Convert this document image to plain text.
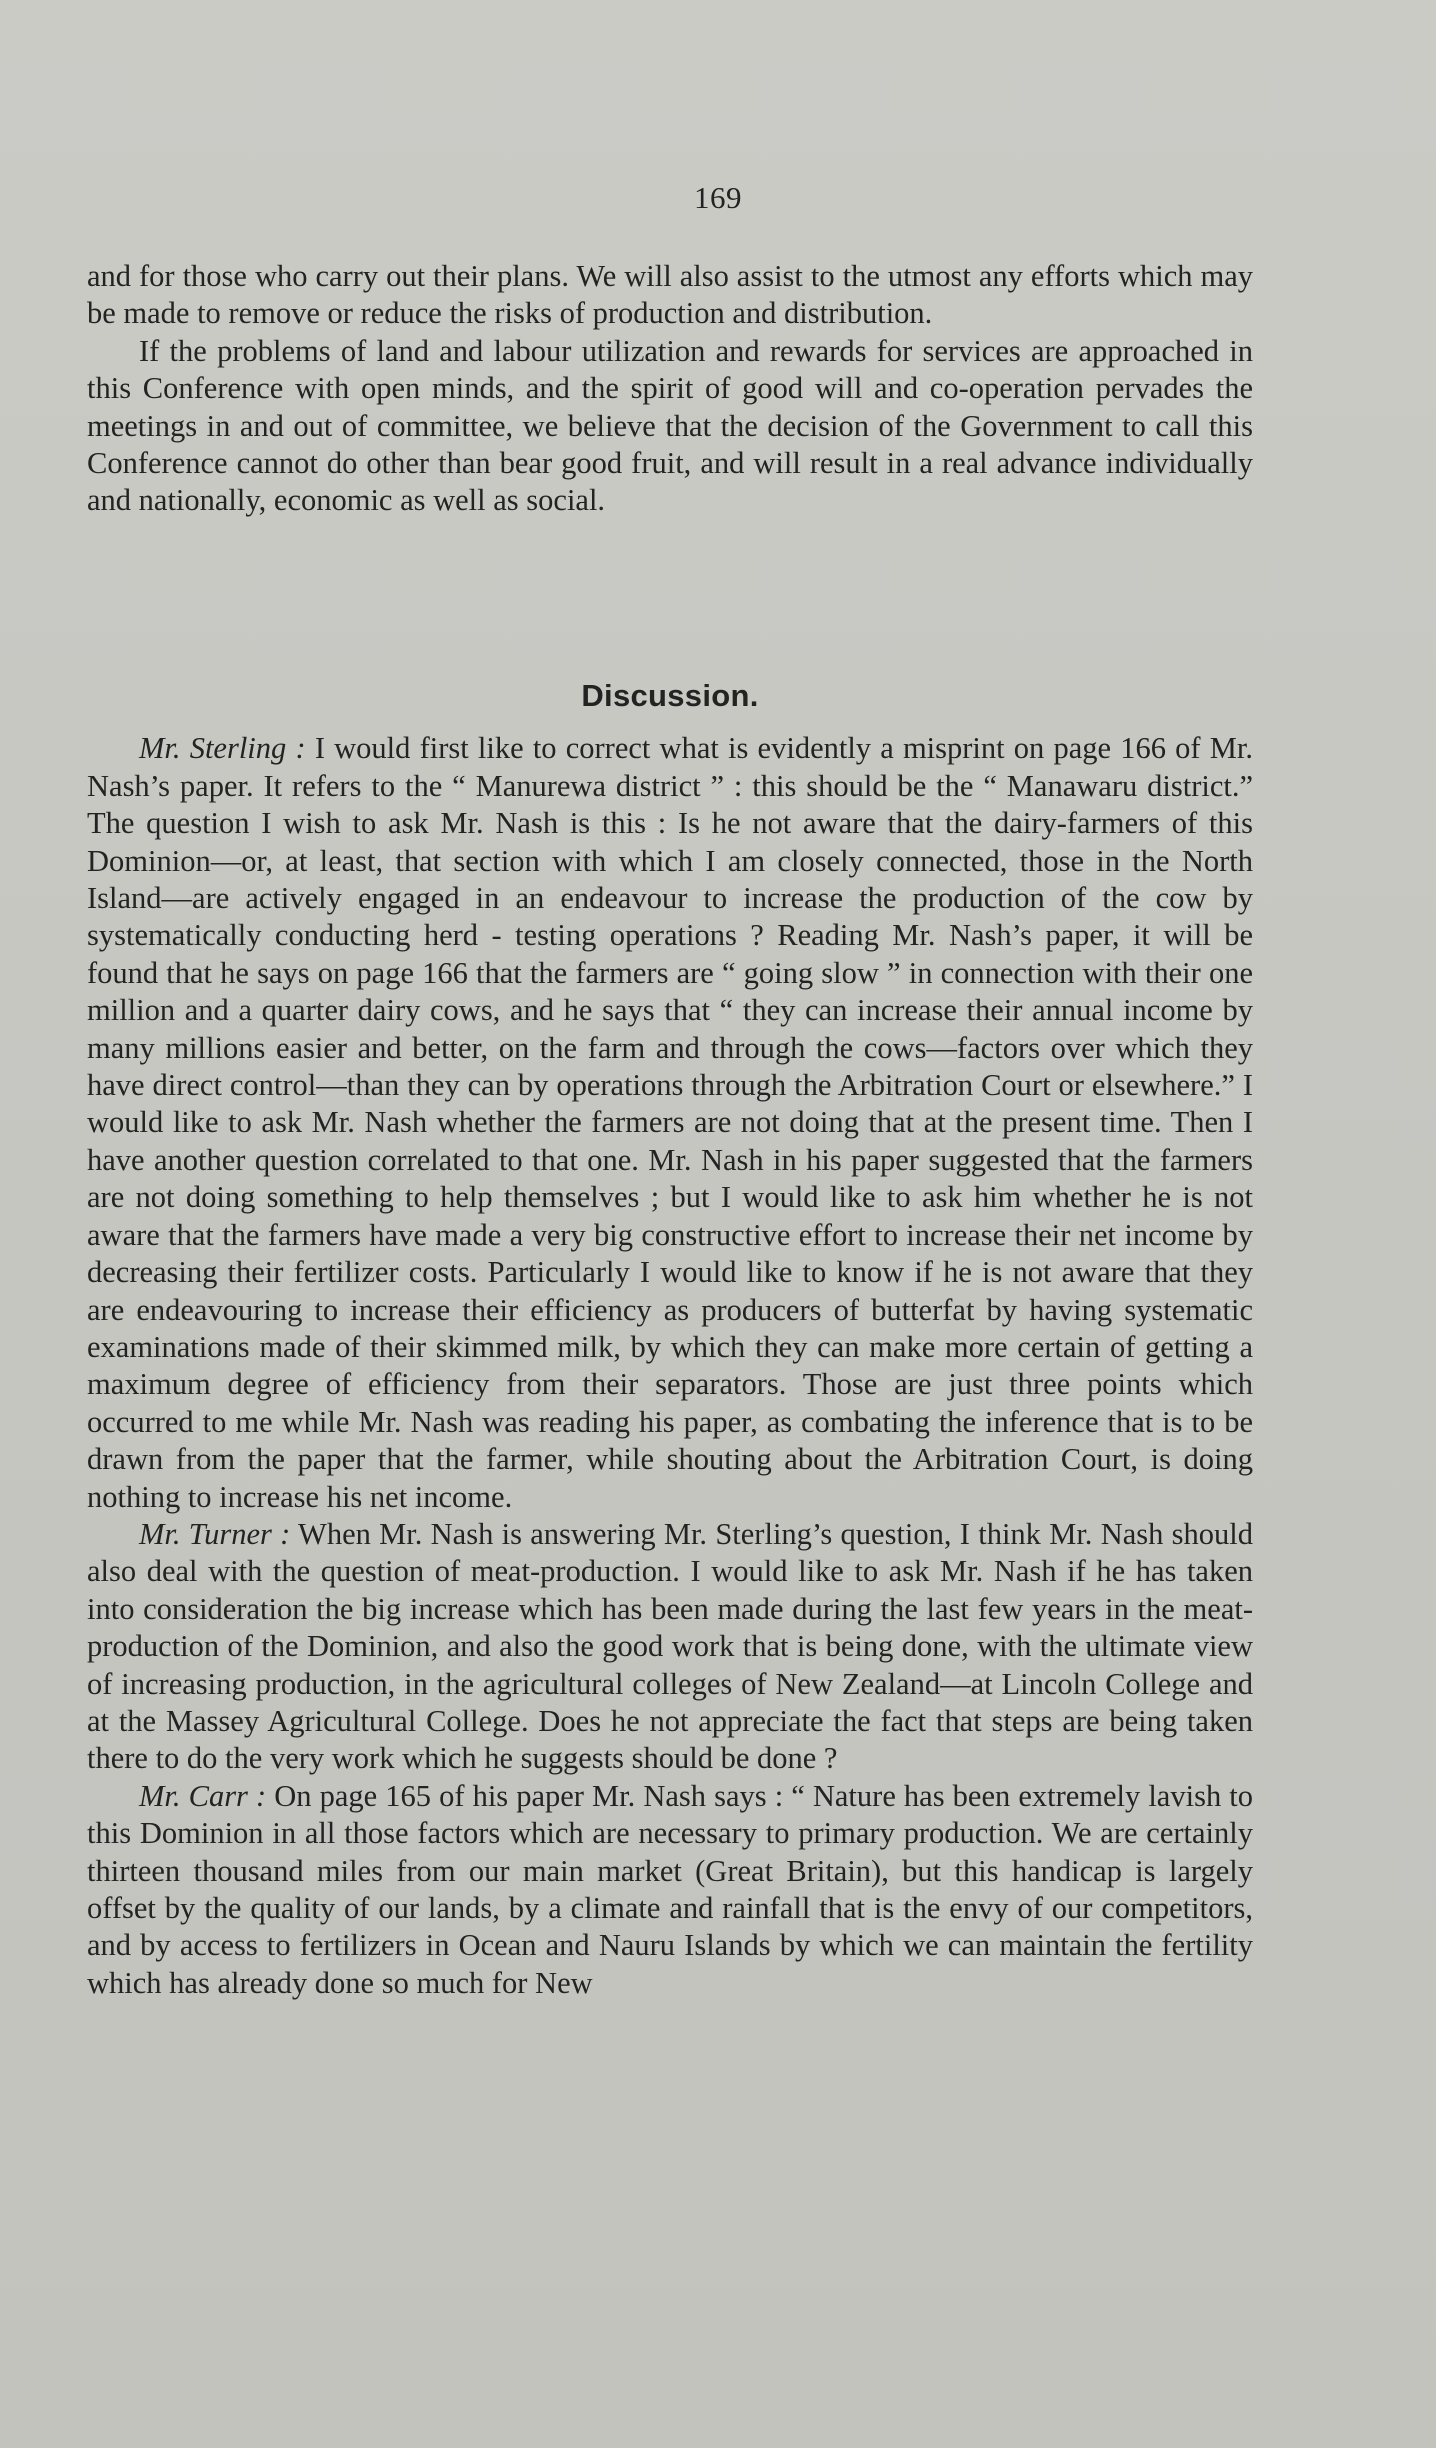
169

and for those who carry out their plans. We will also assist to the utmost any efforts which may be made to remove or reduce the risks of production and distribution.

If the problems of land and labour utilization and rewards for services are approached in this Conference with open minds, and the spirit of good will and co-operation pervades the meetings in and out of committee, we believe that the decision of the Government to call this Conference cannot do other than bear good fruit, and will result in a real advance individually and nationally, economic as well as social.

Discussion.

Mr. Sterling : I would first like to correct what is evidently a misprint on page 166 of Mr. Nash’s paper. It refers to the “ Manurewa district ” : this should be the “ Manawaru district.” The question I wish to ask Mr. Nash is this : Is he not aware that the dairy-farmers of this Dominion—or, at least, that section with which I am closely connected, those in the North Island—are actively engaged in an endeavour to increase the production of the cow by systematically conducting herd - testing operations ? Reading Mr. Nash’s paper, it will be found that he says on page 166 that the farmers are “ going slow ” in connection with their one million and a quarter dairy cows, and he says that “ they can increase their annual income by many millions easier and better, on the farm and through the cows—factors over which they have direct control—than they can by operations through the Arbitration Court or elsewhere.” I would like to ask Mr. Nash whether the farmers are not doing that at the present time. Then I have another question correlated to that one. Mr. Nash in his paper suggested that the farmers are not doing something to help themselves ; but I would like to ask him whether he is not aware that the farmers have made a very big constructive effort to increase their net income by decreasing their fertilizer costs. Particularly I would like to know if he is not aware that they are endeavouring to increase their efficiency as producers of butterfat by having systematic examinations made of their skimmed milk, by which they can make more certain of getting a maximum degree of efficiency from their separators. Those are just three points which occurred to me while Mr. Nash was reading his paper, as combating the inference that is to be drawn from the paper that the farmer, while shouting about the Arbitration Court, is doing nothing to increase his net income.

Mr. Turner : When Mr. Nash is answering Mr. Sterling’s question, I think Mr. Nash should also deal with the question of meat-production. I would like to ask Mr. Nash if he has taken into consideration the big increase which has been made during the last few years in the meat-production of the Dominion, and also the good work that is being done, with the ultimate view of increasing production, in the agricultural colleges of New Zealand—at Lincoln College and at the Massey Agricultural College. Does he not appreciate the fact that steps are being taken there to do the very work which he suggests should be done ?

Mr. Carr : On page 165 of his paper Mr. Nash says : “ Nature has been extremely lavish to this Dominion in all those factors which are necessary to primary production. We are certainly thirteen thousand miles from our main market (Great Britain), but this handicap is largely offset by the quality of our lands, by a climate and rainfall that is the envy of our competitors, and by access to fertilizers in Ocean and Nauru Islands by which we can maintain the fertility which has already done so much for New
